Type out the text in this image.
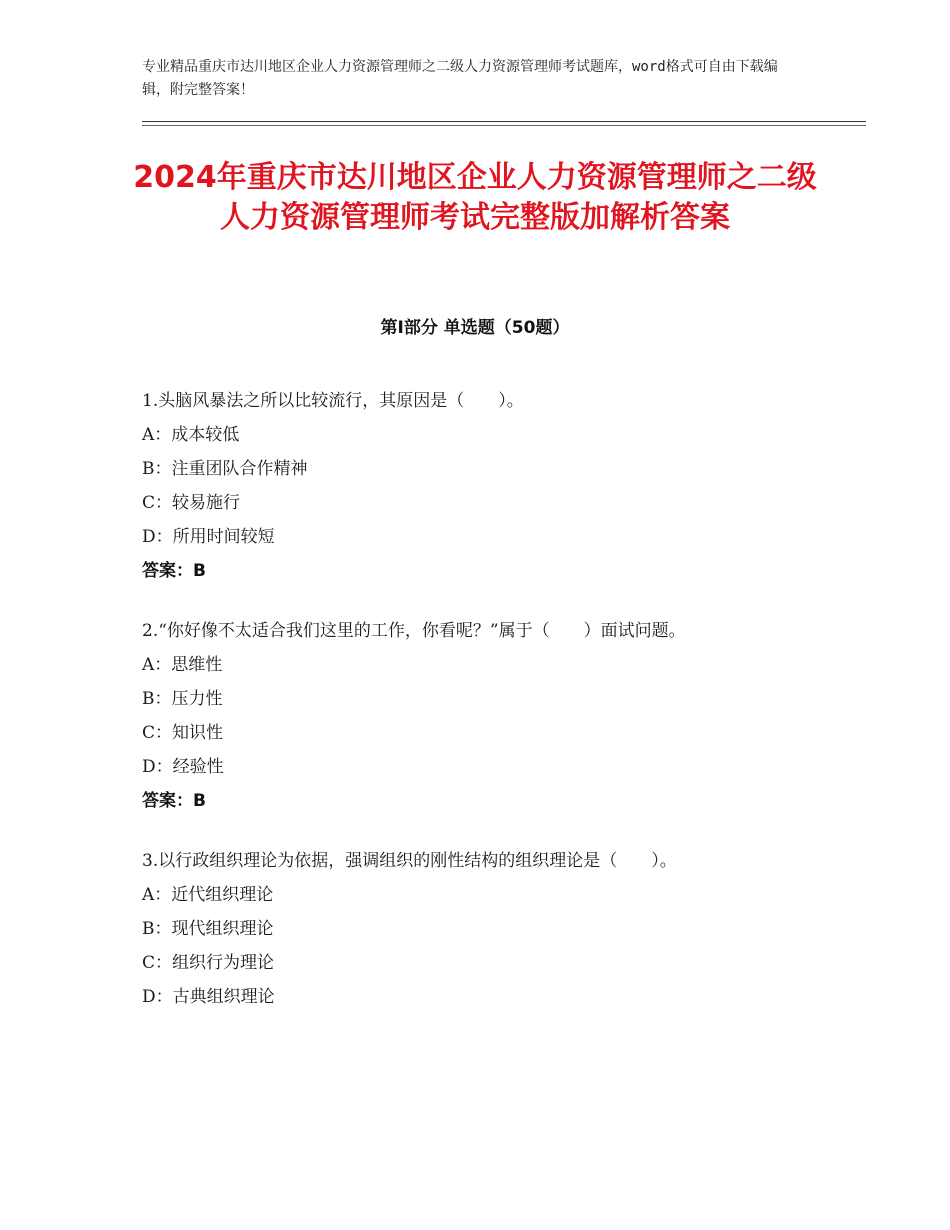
专业精品重庆市达川地区企业人力资源管理师之二级人力资源管理师考试题库，word格式可自由下载编辑，附完整答案！
2024年重庆市达川地区企业人力资源管理师之二级人力资源管理师考试完整版加解析答案
第Ⅰ部分 单选题（50题）

1.头脑风暴法之所以比较流行，其原因是（　　）。

A：成本较低

B：注重团队合作精神

C：较易施行

D：所用时间较短

答案：B

2.“你好像不太适合我们这里的工作，你看呢？”属于（　　）面试问题。

A：思维性

B：压力性

C：知识性

D：经验性

答案：B

3.以行政组织理论为依据，强调组织的刚性结构的组织理论是（　　）。

A：近代组织理论

B：现代组织理论

C：组织行为理论

D：古典组织理论
